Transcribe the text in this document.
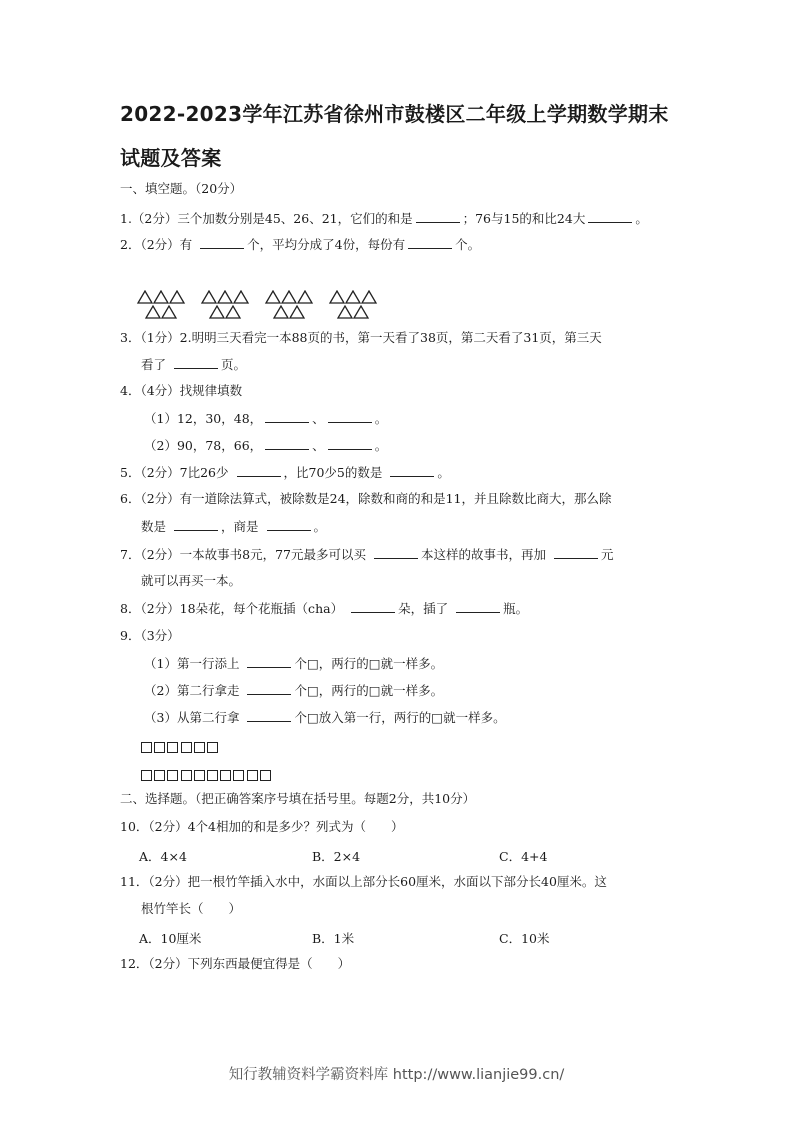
2022-2023学年江苏省徐州市鼓楼区二年级上学期数学期末
试题及答案
一、填空题。（20分）
1.（2分）三个加数分别是45、26、21，它们的和是	；76与15的和比24大	。
2．（2分）有	个，平均分成了4份，每份有	个。
3．（1分）2.明明三天看完一本88页的书，第一天看了38页，第二天看了31页，第三天
看了	页。
4．（4分）找规律填数
（1）12，30，48，	、	。
（2）90，78，66，	、	。
5．（2分）7比26少	，比70少5的数是	。
6．（2分）有一道除法算式，被除数是24，除数和商的和是11，并且除数比商大，那么除
数是	，商是	。
7．（2分）一本故事书8元，77元最多可以买	本这样的故事书，再加	元
就可以再买一本。
8．（2分）18朵花，每个花瓶插（cha）	朵，插了	瓶。
9．（3分）
（1）第一行添上	个□，两行的□就一样多。
（2）第二行拿走	个□，两行的□就一样多。
（3）从第二行拿	个□放入第一行，两行的□就一样多。
二、选择题。（把正确答案序号填在括号里。每题2分，共10分）
10．（2分）4个4相加的和是多少？列式为（　　）
A．4×4	B．2×4	C．4+4
11．（2分）把一根竹竿插入水中，水面以上部分长60厘米，水面以下部分长40厘米。这
根竹竿长（　　）
A．10厘米	B．1米	C．10米
12．（2分）下列东西最便宜得是（　　）
知行教辅资料学霸资料库 http://www.lianjie99.cn/
